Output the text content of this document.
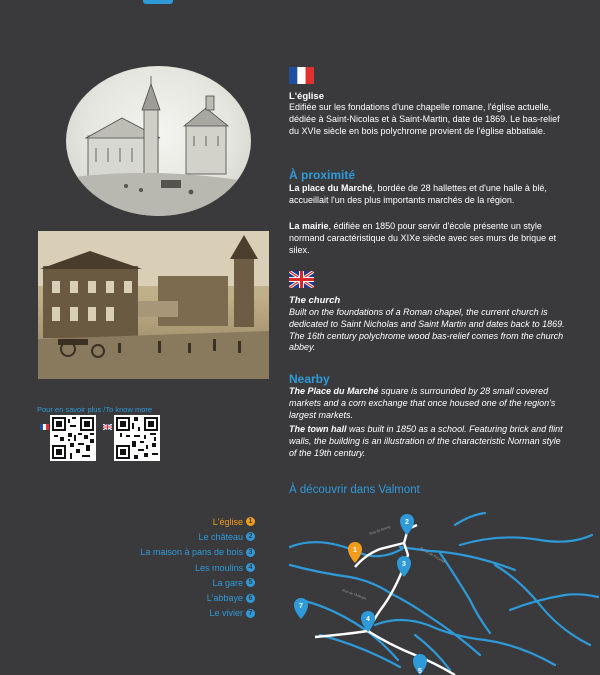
Pour en savoir plus /To know more
L'église
Edifiée sur les fondations d'une chapelle romane, l'église actuelle, dédiée à Saint-Nicolas et à Saint-Martin, date de 1869. Le bas-relief du XVIe siècle en bois polychrome provient de l'église abbatiale.
À proximité
La place du Marché, bordée de 28 hallettes et d'une halle à blé, accueillait l'un des plus importants marchés de la région.
La mairie, édifiée en 1850 pour servir d'école présente un style normand caractéristique du XIXe siècle avec ses murs de brique et silex.
The church
Built on the foundations of a Roman chapel, the current church is dedicated to Saint Nicholas and Saint Martin and dates back to 1869. The 16th century polychrome wood bas-relief comes from the church abbey.
Nearby
The Place du Marché square is surrounded by 28 small covered markets and a corn exchange that once housed one of the region's largest markets.
The town hall was built in 1850 as a school. Featuring brick and flint walls, the building is an illustration of the characteristic Norman style of the 19th century.
À découvrir dans Valmont
L'église 1
Le château 2
La maison à pans de bois 3
Les moulins 4
La gare 5
L'abbaye 6
Le vivier 7
Rue du Bourg
Route de Fécamp
Rue de l'Abbaye
1
2
3
4
5
7
